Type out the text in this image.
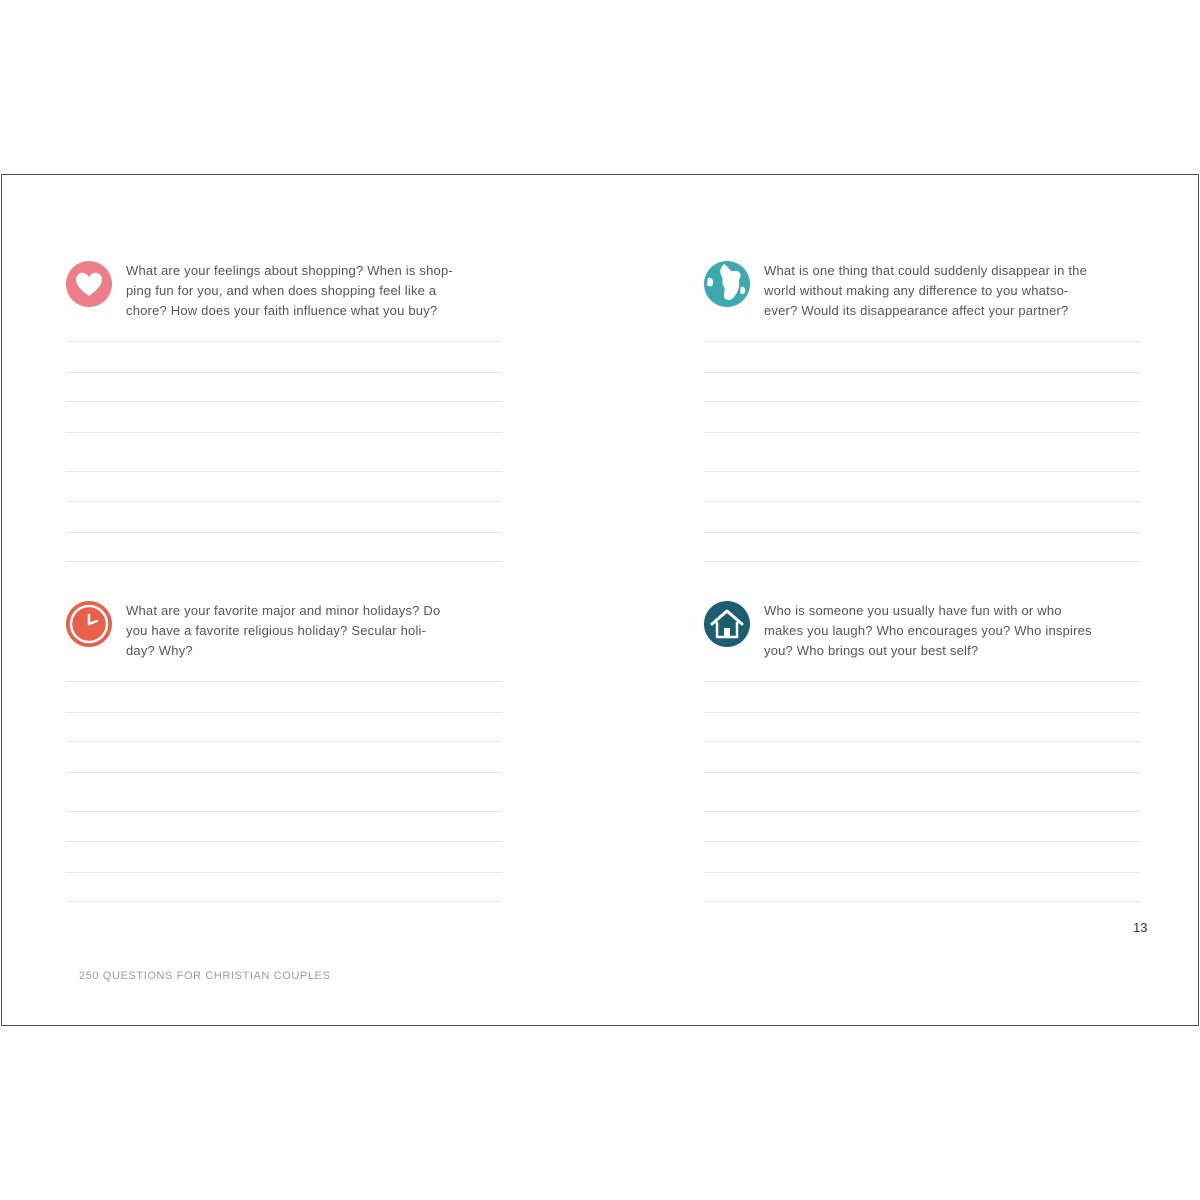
What are your feelings about shopping? When is shop-
ping fun for you, and when does shopping feel like a
chore? How does your faith influence what you buy?
What is one thing that could suddenly disappear in the
world without making any difference to you whatso-
ever? Would its disappearance affect your partner?
What are your favorite major and minor holidays? Do
you have a favorite religious holiday? Secular holi-
day? Why?
Who is someone you usually have fun with or who
makes you laugh? Who encourages you? Who inspires
you? Who brings out your best self?
13
250 QUESTIONS FOR CHRISTIAN COUPLES
